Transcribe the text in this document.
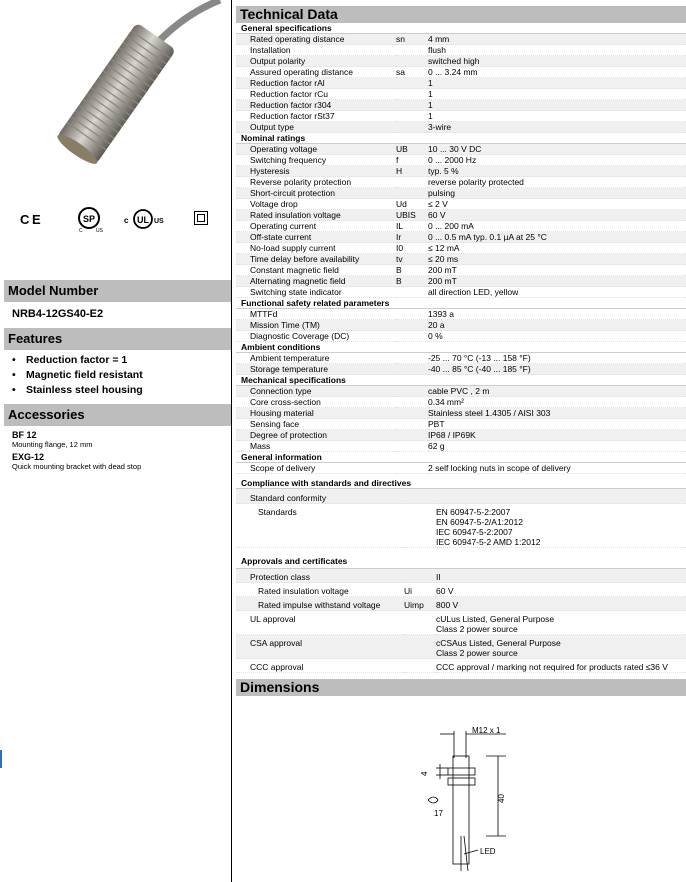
C E	SP
C	US
c UL US
Model Number
NRB4-12GS40-E2
Features
• Reduction factor = 1
• Magnetic field resistant
• Stainless steel housing
Accessories
BF 12
Mounting flange, 12 mm
EXG-12
Quick mounting bracket with dead stop
Technical Data
General specifications		
Rated operating distance	sn	4 mm
Installation		flush
Output polarity		switched high
Assured operating distance	sa	0 ... 3.24 mm
Reduction factor rAl		1
Reduction factor rCu		1
Reduction factor r304		1
Reduction factor rSt37		1
Output type		3-wire
Nominal ratings		
Operating voltage	UB	10 ... 30 V DC
Switching frequency	f	0 ... 2000 Hz
Hysteresis	H	typ. 5 %
Reverse polarity protection		reverse polarity protected
Short-circuit protection		pulsing
Voltage drop	Ud	≤ 2 V
Rated insulation voltage	UBIS	60 V
Operating current	IL	0 ... 200 mA
Off-state current	Ir	0 ... 0.5 mA typ. 0.1 µA at 25 °C
No-load supply current	I0	≤ 12 mA
Time delay before availability	tv	≤ 20 ms
Constant magnetic field	B	200 mT
Alternating magnetic field	B	200 mT
Switching state indicator		all direction LED, yellow
Functional safety related parameters		
MTTFd		1393 a
Mission Time (TM)		20 a
Diagnostic Coverage (DC)		0 %
Ambient conditions		
Ambient temperature		-25 ... 70 °C (-13 ... 158 °F)
Storage temperature		-40 ... 85 °C (-40 ... 185 °F)
Mechanical specifications		
Connection type		cable PVC , 2 m
Core cross-section		0.34 mm²
Housing material		Stainless steel 1.4305 / AISI 303
Sensing face		PBT
Degree of protection		IP68 / IP69K
Mass		62 g
General information		
Scope of delivery		2 self locking nuts in scope of delivery
Compliance with standards and directives		
Standard conformity		
Standards		EN 60947-5-2:2007
EN 60947-5-2/A1:2012
IEC 60947-5-2:2007
IEC 60947-5-2 AMD 1:2012
Approvals and certificates		
Protection class		II
Rated insulation voltage	Ui	60 V
Rated impulse withstand voltage	Uimp	800 V
UL approval		cULus Listed, General Purpose
Class 2 power source

CSA approval		cCSAus Listed, General Purpose
Class 2 power source

CCC approval		CCC approval / marking not required for products rated ≤36 V
Dimensions
M12 x 1
4
40
17
LED
